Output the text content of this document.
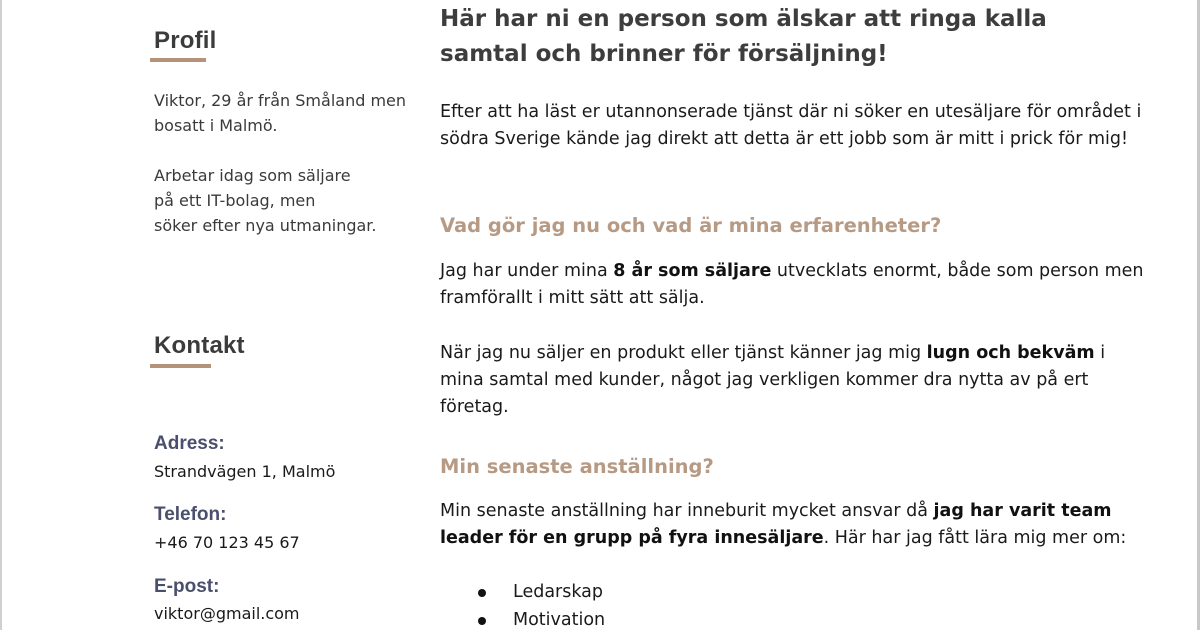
Profil
Viktor, 29 år från Småland men
bosatt i Malmö.
Arbetar idag som säljare
på ett IT-bolag, men
söker efter nya utmaningar.
Kontakt

Adress:

Strandvägen 1, Malmö

Telefon:

+46 70 123 45 67

E-post:

viktor@gmail.com

Här har ni en person som älskar att ringa kalla samtal och brinner för försäljning!

Efter att ha läst er utannonserade tjänst där ni söker en utesäljare för området i södra Sverige kände jag direkt att detta är ett jobb som är mitt i prick för mig!

Vad gör jag nu och vad är mina erfarenheter?

Jag har under mina 8 år som säljare utvecklats enormt, både som person men framförallt i mitt sätt att sälja.

När jag nu säljer en produkt eller tjänst känner jag mig lugn och bekväm i mina samtal med kunder, något jag verkligen kommer dra nytta av på ert företag.

Min senaste anställning?

Min senaste anställning har inneburit mycket ansvar då jag har varit team leader för en grupp på fyra innesäljare. Här har jag fått lära mig mer om:

Ledarskap
Motivation
